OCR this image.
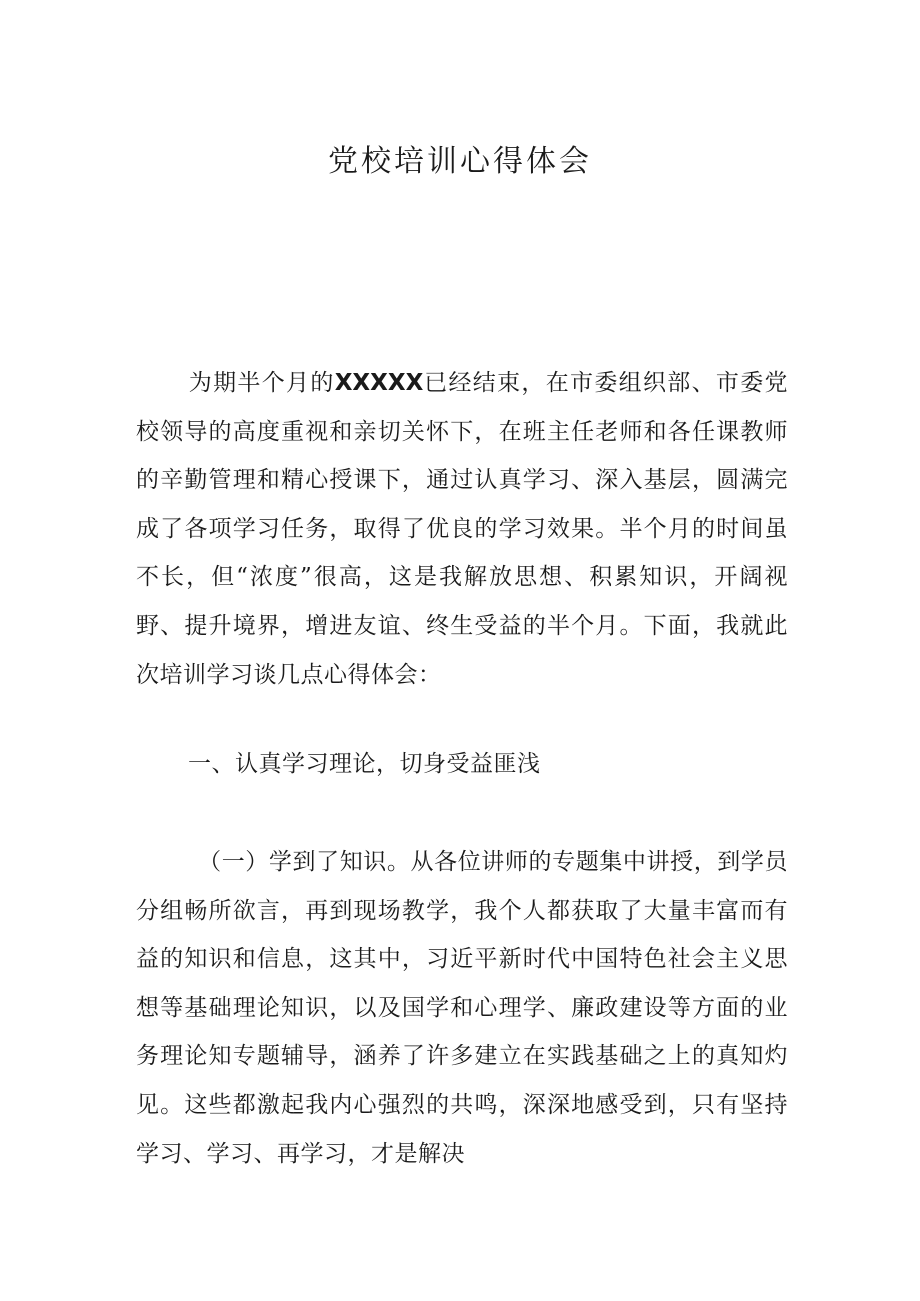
党校培训心得体会

为期半个月的XXXXX已经结束，在市委组织部、市委党校领导的高度重视和亲切关怀下，在班主任老师和各任课教师的辛勤管理和精心授课下，通过认真学习、深入基层，圆满完成了各项学习任务，取得了优良的学习效果。半个月的时间虽不长，但“浓度”很高，这是我解放思想、积累知识，开阔视野、提升境界，增进友谊、终生受益的半个月。下面，我就此次培训学习谈几点心得体会：

一、认真学习理论，切身受益匪浅

（一）学到了知识。从各位讲师的专题集中讲授，到学员分组畅所欲言，再到现场教学，我个人都获取了大量丰富而有益的知识和信息，这其中，习近平新时代中国特色社会主义思想等基础理论知识，以及国学和心理学、廉政建设等方面的业务理论知专题辅导，涵养了许多建立在实践基础之上的真知灼见。这些都激起我内心强烈的共鸣，深深地感受到，只有坚持学习、学习、再学习，才是解决
